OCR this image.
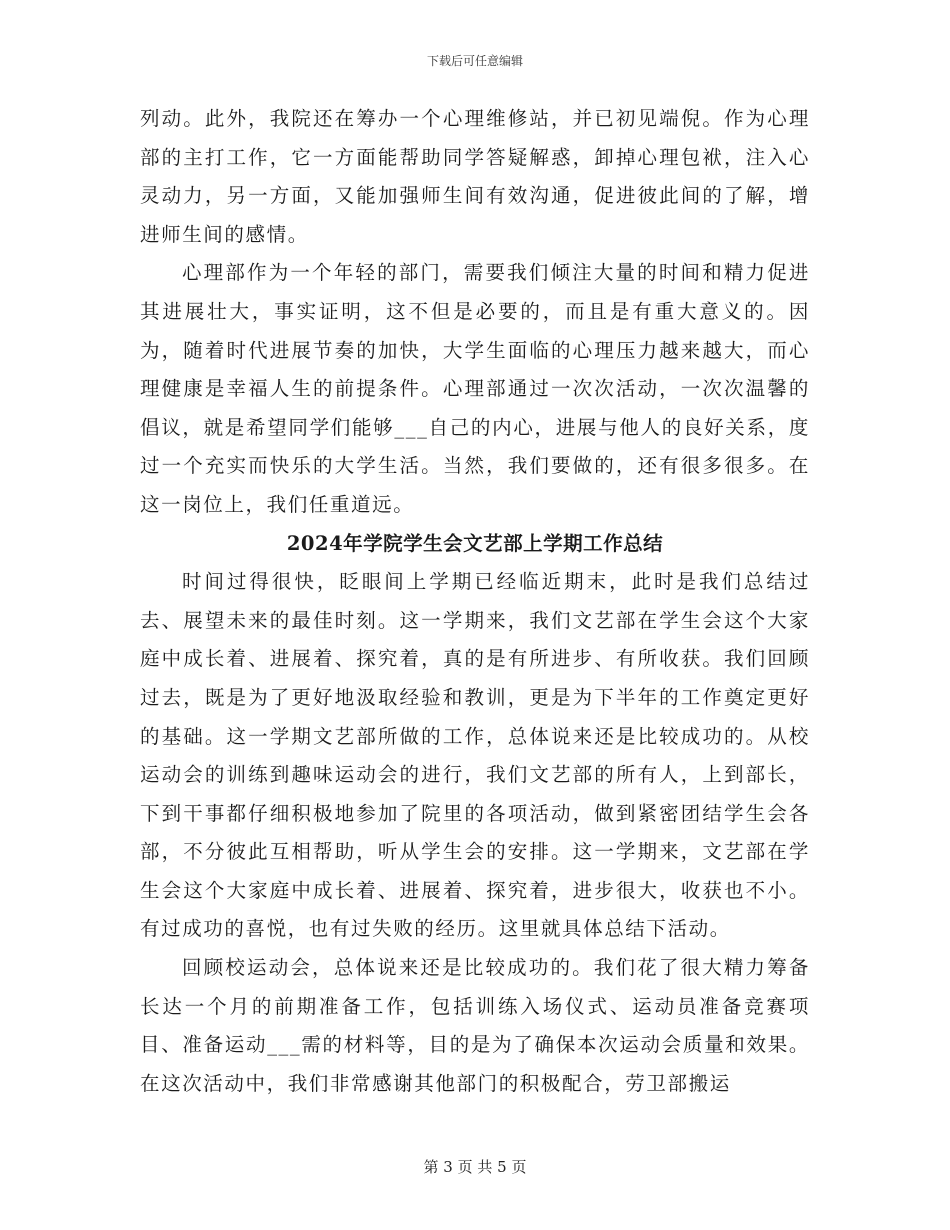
下载后可任意编辑

列动。此外，我院还在筹办一个心理维修站，并已初见端倪。作为心理部的主打工作，它一方面能帮助同学答疑解惑，卸掉心理包袱，注入心灵动力，另一方面，又能加强师生间有效沟通，促进彼此间的了解，增进师生间的感情。

心理部作为一个年轻的部门，需要我们倾注大量的时间和精力促进其进展壮大，事实证明，这不但是必要的，而且是有重大意义的。因为，随着时代进展节奏的加快，大学生面临的心理压力越来越大，而心理健康是幸福人生的前提条件。心理部通过一次次活动，一次次温馨的倡议，就是希望同学们能够___自己的内心，进展与他人的良好关系，度过一个充实而快乐的大学生活。当然，我们要做的，还有很多很多。在这一岗位上，我们任重道远。

2024年学院学生会文艺部上学期工作总结

时间过得很快，眨眼间上学期已经临近期末，此时是我们总结过去、展望未来的最佳时刻。这一学期来，我们文艺部在学生会这个大家庭中成长着、进展着、探究着，真的是有所进步、有所收获。我们回顾过去，既是为了更好地汲取经验和教训，更是为下半年的工作奠定更好的基础。这一学期文艺部所做的工作，总体说来还是比较成功的。从校运动会的训练到趣味运动会的进行，我们文艺部的所有人，上到部长，下到干事都仔细积极地参加了院里的各项活动，做到紧密团结学生会各部，不分彼此互相帮助，听从学生会的安排。这一学期来，文艺部在学生会这个大家庭中成长着、进展着、探究着，进步很大，收获也不小。有过成功的喜悦，也有过失败的经历。这里就具体总结下活动。

回顾校运动会，总体说来还是比较成功的。我们花了很大精力筹备长达一个月的前期准备工作，包括训练入场仪式、运动员准备竞赛项目、准备运动___需的材料等，目的是为了确保本次运动会质量和效果。在这次活动中，我们非常感谢其他部门的积极配合，劳卫部搬运

第 3 页 共 5 页
